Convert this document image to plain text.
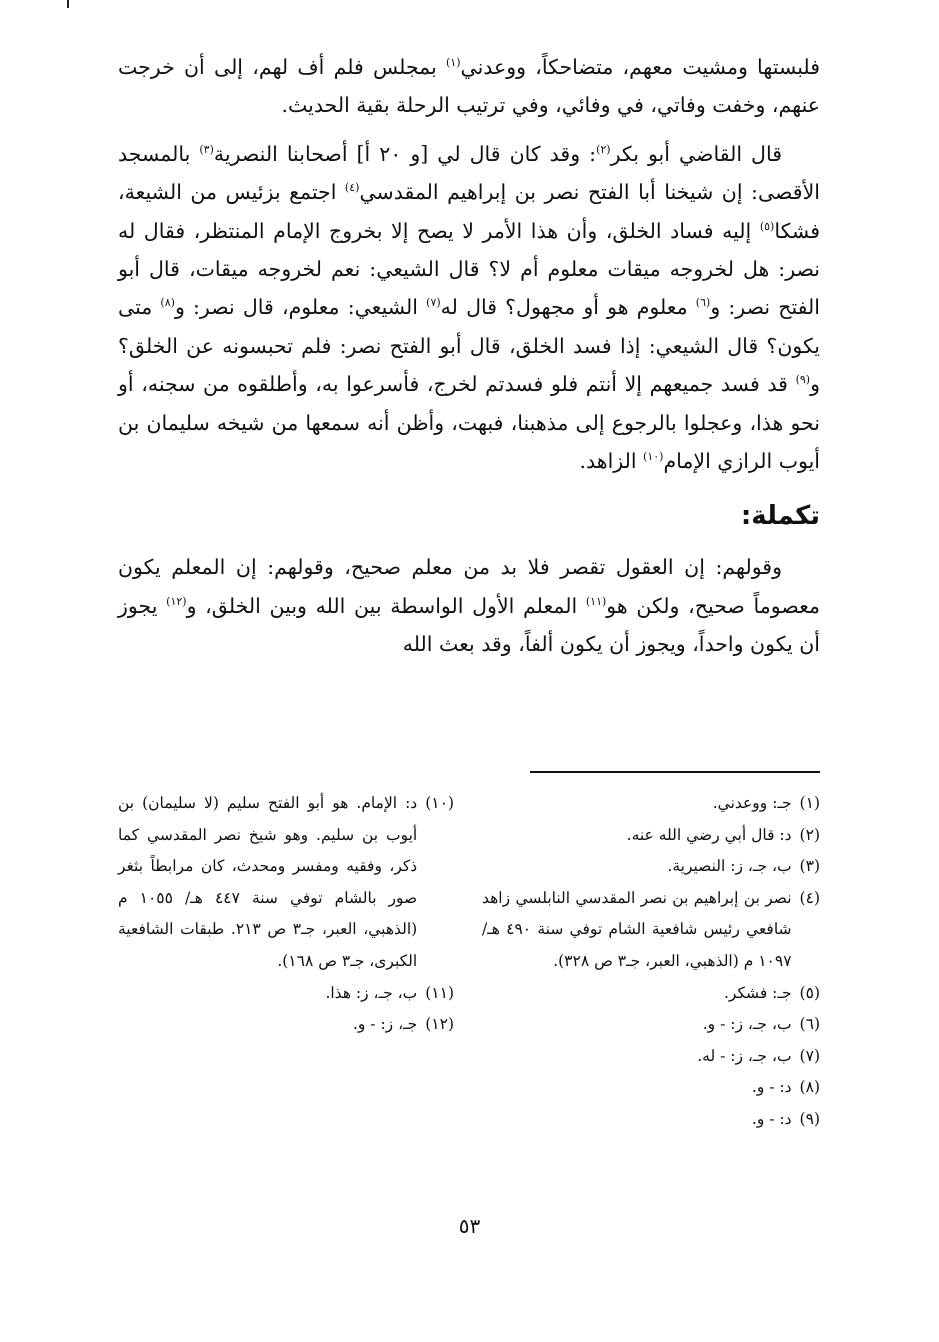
فلبستها ومشيت معهم، متضاحكاً، ووعدني$^{(١)}$ بمجلس فلم أف لهم، إلى أن خرجت عنهم، وخفت وفاتي، في وفائي، وفي ترتيب الرحلة بقية الحديث.

قال القاضي أبو بكر$^{(٢)}$: وقد كان قال لي [و ٢٠ أ] أصحابنا النصرية$^{(٣)}$ بالمسجد الأقصى: إن شيخنا أبا الفتح نصر بن إبراهيم المقدسي$^{(٤)}$ اجتمع بزئيس من الشيعة، فشكا$^{(٥)}$ إليه فساد الخلق، وأن هذا الأمر لا يصح إلا بخروج الإمام المنتظر، فقال له نصر: هل لخروجه ميقات معلوم أم لا؟ قال الشيعي: نعم لخروجه ميقات، قال أبو الفتح نصر: و$^{(٦)}$ معلوم هو أو مجهول؟ قال له$^{(٧)}$ الشيعي: معلوم، قال نصر: و$^{(٨)}$ متى يكون؟ قال الشيعي: إذا فسد الخلق، قال أبو الفتح نصر: فلم تحبسونه عن الخلق؟ و$^{(٩)}$ قد فسد جميعهم إلا أنتم فلو فسدتم لخرج، فأسرعوا به، وأطلقوه من سجنه، أو نحو هذا، وعجلوا بالرجوع إلى مذهبنا، فبهت، وأظن أنه سمعها من شيخه سليمان بن أيوب الرازي الإمام$^{(١٠)}$ الزاهد.

تكملة:

وقولهم: إن العقول تقصر فلا بد من معلم صحيح، وقولهم: إن المعلم يكون معصوماً صحيح، ولكن هو$^{(١١)}$ المعلم الأول الواسطة بين الله وبين الخلق، و$^{(١٢)}$ يجوز أن يكون واحداً، ويجوز أن يكون ألفاً، وقد بعث الله

(١)
جـ: ووعدني.
(٢)
د: قال أبي رضي الله عنه.
(٣)
ب، جـ، ز: النصيرية.
(٤)
نصر بن إبراهيم بن نصر المقدسي النابلسي زاهد شافعي رئيس شافعية الشام توفي سنة ٤٩٠ هـ/ ١٠٩٧ م (الذهبي، العبر، جـ٣ ص ٣٢٨).
(٥)
جـ: فشكر.
(٦)
ب، جـ، ز: - و.
(٧)
ب، جـ، ز: - له.
(٨)
د: - و.
(٩)
د: - و.
(١٠)
د: الإمام. هو أبو الفتح سليم (لا سليمان) بن أيوب بن سليم. وهو شيخ نصر المقدسي كما ذكر، وفقيه ومفسر ومحدث، كان مرابطاً بثغر صور بالشام توفي سنة ٤٤٧ هـ/ ١٠٥٥ م (الذهبي، العبر، جـ٣ ص ٢١٣. طبقات الشافعية الكبرى، جـ٣ ص ١٦٨).
(١١)
ب، جـ، ز: هذا.
(١٢)
جـ، ز: - و.
٥٣
